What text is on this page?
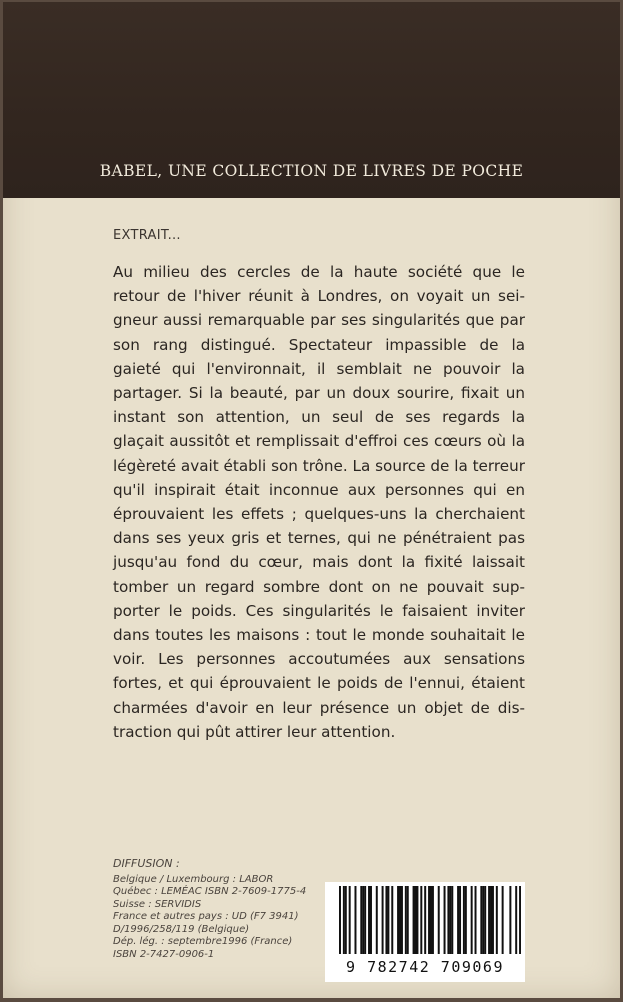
BABEL, UNE COLLECTION DE LIVRES DE POCHE
EXTRAIT...

Au milieu des cercles de la haute société que le retour de l'hiver réunit à Londres, on voyait un seigneur aussi remarquable par ses singularités que par son rang distingué. Spectateur impassible de la gaieté qui l'environnait, il semblait ne pouvoir la partager. Si la beauté, par un doux sourire, fixait un instant son attention, un seul de ses regards la glaçait aussitôt et remplissait d'effroi ces cœurs où la légèreté avait établi son trône. La source de la terreur qu'il inspirait était inconnue aux personnes qui en éprouvaient les effets ; quelques-uns la cherchaient dans ses yeux gris et ternes, qui ne pénétraient pas jusqu'au fond du cœur, mais dont la fixité laissait tomber un regard sombre dont on ne pouvait supporter le poids. Ces singularités le faisaient inviter dans toutes les maisons : tout le monde souhaitait le voir. Les personnes accoutumées aux sensations fortes, et qui éprouvaient le poids de l'ennui, étaient charmées d'avoir en leur présence un objet de distraction qui pût attirer leur attention.

DIFFUSION :
Belgique / Luxembourg : LABOR
Québec : LEMÉAC ISBN 2-7609-1775-4
Suisse : SERVIDIS
France et autres pays : UD (F7 3941)
D/1996/258/119 (Belgique)
Dép. lég. : septembre1996 (France)
ISBN 2-7427-0906-1
9 782742 709069
